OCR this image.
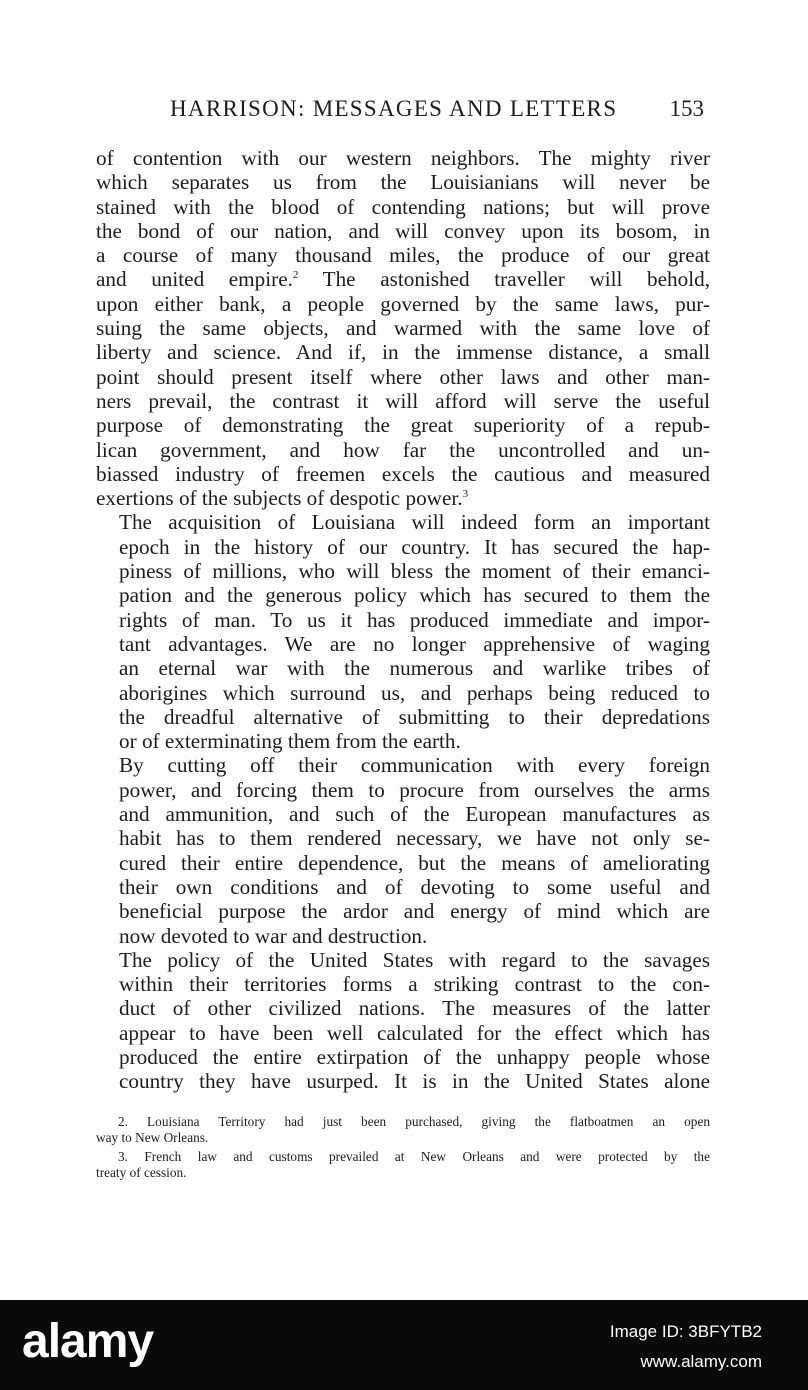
HARRISON: MESSAGES AND LETTERS 153

of contention with our western neighbors. The mighty river
which separates us from the Louisianians will never be
stained with the blood of contending nations; but will prove
the bond of our nation, and will convey upon its bosom, in
a course of many thousand miles, the produce of our great
and united empire.$^2$ The astonished traveller will behold,
upon either bank, a people governed by the same laws, pur-
suing the same objects, and warmed with the same love of
liberty and science. And if, in the immense distance, a small
point should present itself where other laws and other man-
ners prevail, the contrast it will afford will serve the useful
purpose of demonstrating the great superiority of a repub-
lican government, and how far the uncontrolled and un-
biassed industry of freemen excels the cautious and measured
exertions of the subjects of despotic power.$^3$

The acquisition of Louisiana will indeed form an important
epoch in the history of our country. It has secured the hap-
piness of millions, who will bless the moment of their emanci-
pation and the generous policy which has secured to them the
rights of man. To us it has produced immediate and impor-
tant advantages. We are no longer apprehensive of waging
an eternal war with the numerous and warlike tribes of
aborigines which surround us, and perhaps being reduced to
the dreadful alternative of submitting to their depredations
or of exterminating them from the earth.

By cutting off their communication with every foreign
power, and forcing them to procure from ourselves the arms
and ammunition, and such of the European manufactures as
habit has to them rendered necessary, we have not only se-
cured their entire dependence, but the means of ameliorating
their own conditions and of devoting to some useful and
beneficial purpose the ardor and energy of mind which are
now devoted to war and destruction.

The policy of the United States with regard to the savages
within their territories forms a striking contrast to the con-
duct of other civilized nations. The measures of the latter
appear to have been well calculated for the effect which has
produced the entire extirpation of the unhappy people whose
country they have usurped. It is in the United States alone

2. Louisiana Territory had just been purchased, giving the flatboatmen an open
way to New Orleans.

3. French law and customs prevailed at New Orleans and were protected by the
treaty of cession.

alamy	Image ID: 3BFYTB2
www.alamy.com
